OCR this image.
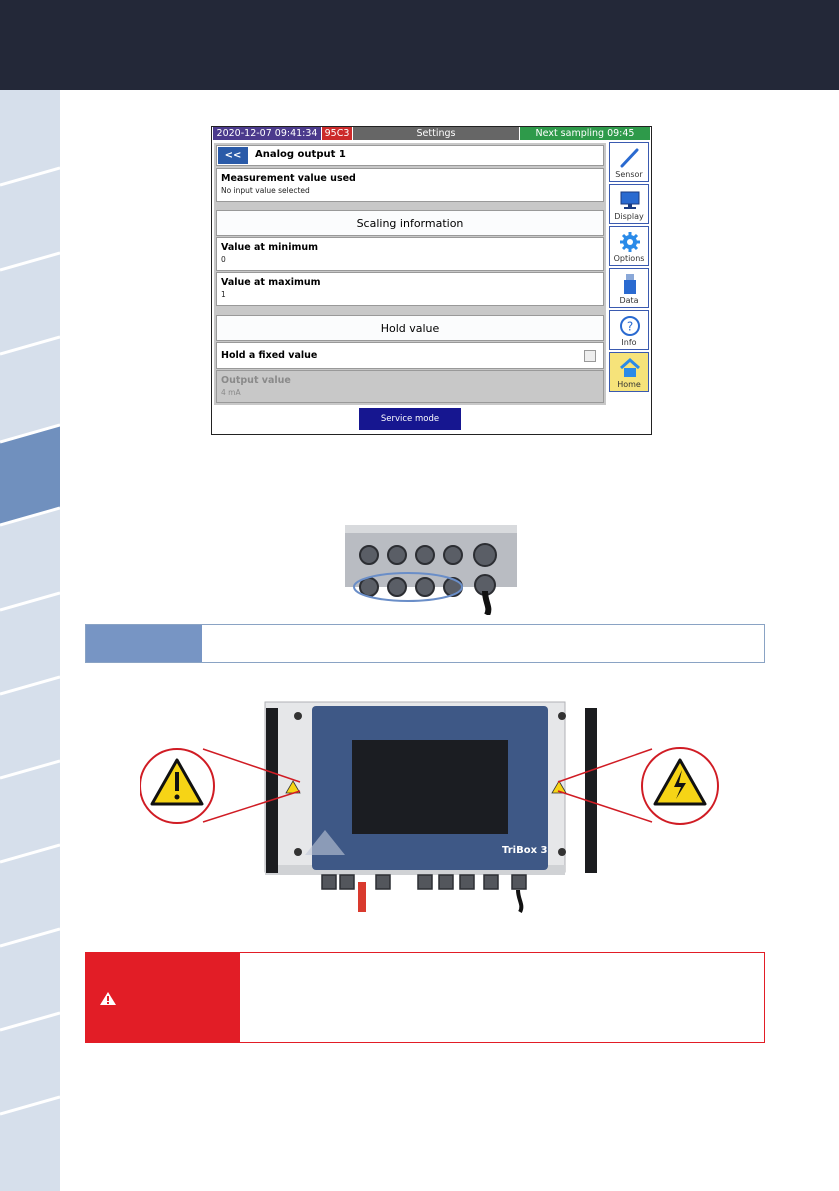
2020-12-07 09:41:34 95C3	Settings	Next sampling 09:45
<<	Analog output 1
Measurement value used
No input value selected
Scaling information
Value at minimum
0
Value at maximum
1
Hold value
Hold a fixed value
Output value
4 mA
Sensor
Display
Options
Data
?
Info
Home
Service mode
TriBox 3
